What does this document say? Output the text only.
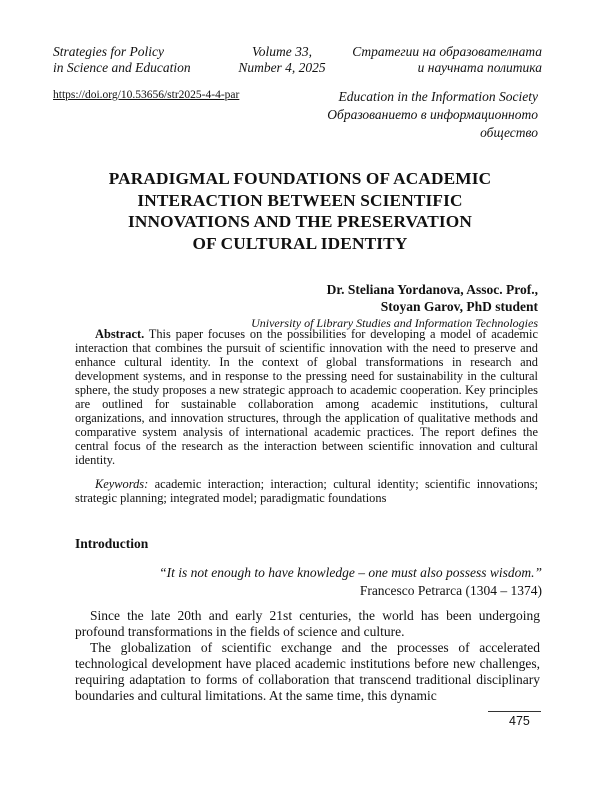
Strategies for Policy
in Science and Education
Volume 33,
Number 4, 2025
Стратегии на образователната
и научната политика
https://doi.org/10.53656/str2025-4-4-par	Education in the Information Society
Образованието в информационното
общество
PARADIGMAL FOUNDATIONS OF ACADEMIC
INTERACTION BETWEEN SCIENTIFIC
INNOVATIONS AND THE PRESERVATION
OF CULTURAL IDENTITY
Dr. Steliana Yordanova, Assoc. Prof.,
Stoyan Garov, PhD student
University of Library Studies and Information Technologies

Abstract. This paper focuses on the possibilities for developing a model of academic interaction that combines the pursuit of scientific innovation with the need to preserve and enhance cultural identity. In the context of global transformations in research and development systems, and in response to the pressing need for sustainability in the cultural sphere, the study proposes a new strategic approach to academic cooperation. Key principles are outlined for sustainable collaboration among academic institutions, cultural organizations, and innovation structures, through the application of qualitative methods and comparative system analysis of international academic practices. The report defines the central focus of the research as the interaction between scientific innovation and cultural identity.

Keywords: academic interaction; interaction; cultural identity; scientific innovations; strategic planning; integrated model; paradigmatic foundations

Introduction
“It is not enough to have knowledge – one must also possess wisdom.”
Francesco Petrarca (1304 – 1374)

Since the late 20th and early 21st centuries, the world has been undergoing profound transformations in the fields of science and culture.

The globalization of scientific exchange and the processes of accelerated technological development have placed academic institutions before new challenges, requiring adaptation to forms of collaboration that transcend traditional disciplinary boundaries and cultural limitations. At the same time, this dynamic

475
